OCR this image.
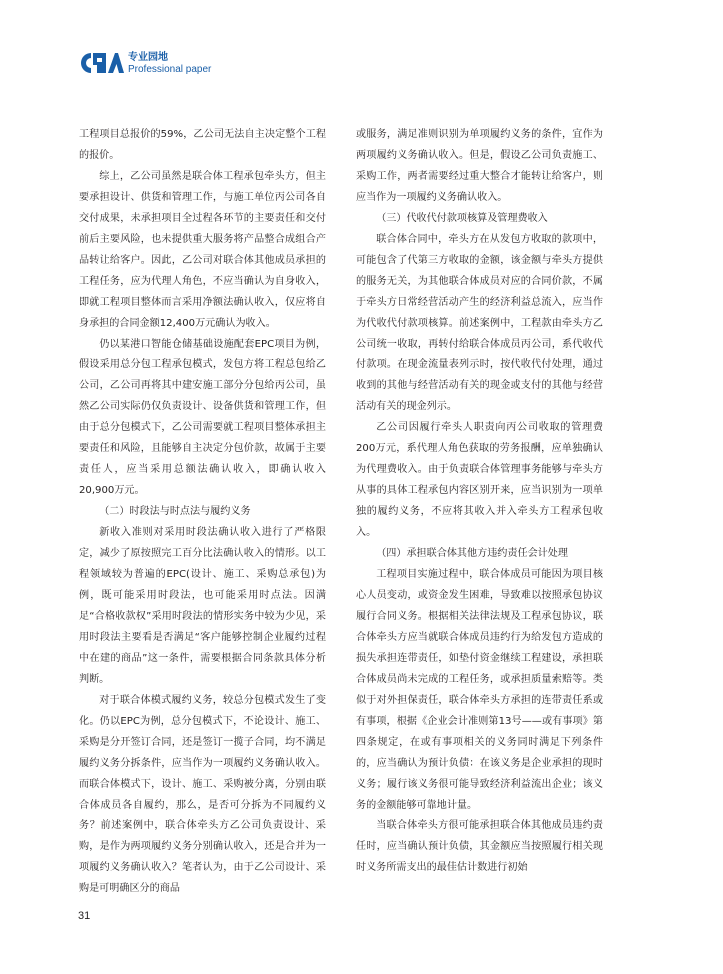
专业园地
Professional paper

工程项目总报价的59%，乙公司无法自主决定整个工程的报价。

综上，乙公司虽然是联合体工程承包牵头方，但主要承担设计、供货和管理工作，与施工单位丙公司各自交付成果，未承担项目全过程各环节的主要责任和交付前后主要风险，也未提供重大服务将产品整合成组合产品转让给客户。因此，乙公司对联合体其他成员承担的工程任务，应为代理人角色，不应当确认为自身收入，即就工程项目整体而言采用净额法确认收入，仅应将自身承担的合同金额12,400万元确认为收入。

仍以某港口智能仓储基础设施配套EPC项目为例，假设采用总分包工程承包模式，发包方将工程总包给乙公司，乙公司再将其中建安施工部分分包给丙公司，虽然乙公司实际仍仅负责设计、设备供货和管理工作，但由于总分包模式下，乙公司需要就工程项目整体承担主要责任和风险，且能够自主决定分包价款，故属于主要责任人，应当采用总额法确认收入，即确认收入20,900万元。

（二）时段法与时点法与履约义务

新收入准则对采用时段法确认收入进行了严格限定，减少了原按照完工百分比法确认收入的情形。以工程领域较为普遍的EPC(设计、施工、采购总承包)为例，既可能采用时段法，也可能采用时点法。因满足“合格收款权”采用时段法的情形实务中较为少见，采用时段法主要看是否满足“客户能够控制企业履约过程中在建的商品”这一条件，需要根据合同条款具体分析判断。

对于联合体模式履约义务，较总分包模式发生了变化。仍以EPC为例，总分包模式下，不论设计、施工、采购是分开签订合同，还是签订一揽子合同，均不满足履约义务分拆条件，应当作为一项履约义务确认收入。而联合体模式下，设计、施工、采购被分离，分别由联合体成员各自履约，那么，是否可分拆为不同履约义务？前述案例中，联合体牵头方乙公司负责设计、采购，是作为两项履约义务分别确认收入，还是合并为一项履约义务确认收入？笔者认为，由于乙公司设计、采购是可明确区分的商品

或服务，满足准则识别为单项履约义务的条件，宜作为两项履约义务确认收入。但是，假设乙公司负责施工、采购工作，两者需要经过重大整合才能转让给客户，则应当作为一项履约义务确认收入。

（三）代收代付款项核算及管理费收入

联合体合同中，牵头方在从发包方收取的款项中，可能包含了代第三方收取的金额，该金额与牵头方提供的服务无关，为其他联合体成员对应的合同价款，不属于牵头方日常经营活动产生的经济利益总流入，应当作为代收代付款项核算。前述案例中，工程款由牵头方乙公司统一收取，再转付给联合体成员丙公司，系代收代付款项。在现金流量表列示时，按代收代付处理，通过收到的其他与经营活动有关的现金或支付的其他与经营活动有关的现金列示。

乙公司因履行牵头人职责向丙公司收取的管理费200万元，系代理人角色获取的劳务报酬，应单独确认为代理费收入。由于负责联合体管理事务能够与牵头方从事的具体工程承包内容区别开来，应当识别为一项单独的履约义务，不应将其收入并入牵头方工程承包收入。

（四）承担联合体其他方违约责任会计处理

工程项目实施过程中，联合体成员可能因为项目核心人员变动，或资金发生困难，导致难以按照承包协议履行合同义务。根据相关法律法规及工程承包协议，联合体牵头方应当就联合体成员违约行为给发包方造成的损失承担连带责任，如垫付资金继续工程建设，承担联合体成员尚未完成的工程任务，或承担质量索赔等。类似于对外担保责任，联合体牵头方承担的连带责任系或有事项，根据《企业会计准则第13号——或有事项》第四条规定，在或有事项相关的义务同时满足下列条件的，应当确认为预计负债：在该义务是企业承担的现时义务；履行该义务很可能导致经济利益流出企业；该义务的金额能够可靠地计量。

当联合体牵头方很可能承担联合体其他成员违约责任时，应当确认预计负债，其金额应当按照履行相关现时义务所需支出的最佳估计数进行初始

31
